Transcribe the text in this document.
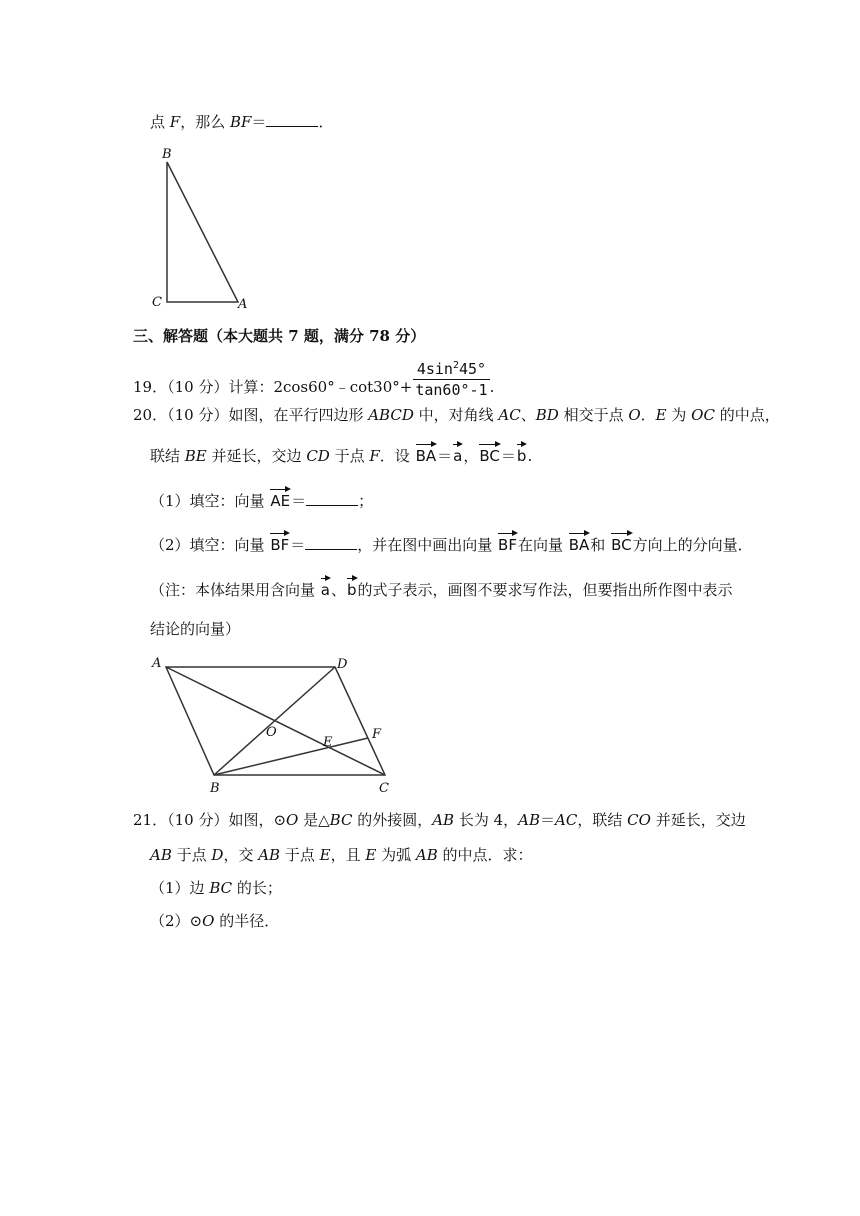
点 F，那么 BF＝	．
B
C	A
三、解答题（本大题共 7 题，满分 78 分）
19．（10 分）计算：2cos60°﹣cot30°+ $\frac{4\sin^245^\circ}{\tan 60^\circ-1}$ .
20．（10 分）如图，在平行四边形 ABCD 中，对角线 AC、BD 相交于点 O．E 为 OC 的中点，
联结 BE 并延长，交边 CD 于点 F．设 BA＝a，BC＝b.
（1）填空：向量 AE＝	；
（2）填空：向量 BF＝	，并在图中画出向量 BF在向量 BA和 BC方向上的分向量．
（注：本体结果用含向量 a、b的式子表示，画图不要求写作法，但要指出所作图中表示
结论的向量）
A	D
O
E
F
B	C
21．（10 分）如图，⊙O 是△BC 的外接圆，AB 长为 4，AB＝AC，联结 CO 并延长，交边
AB 于点 D，交 AB 于点 E，且 E 为弧 AB 的中点．求：
（1）边 BC 的长；
（2）⊙O 的半径．
